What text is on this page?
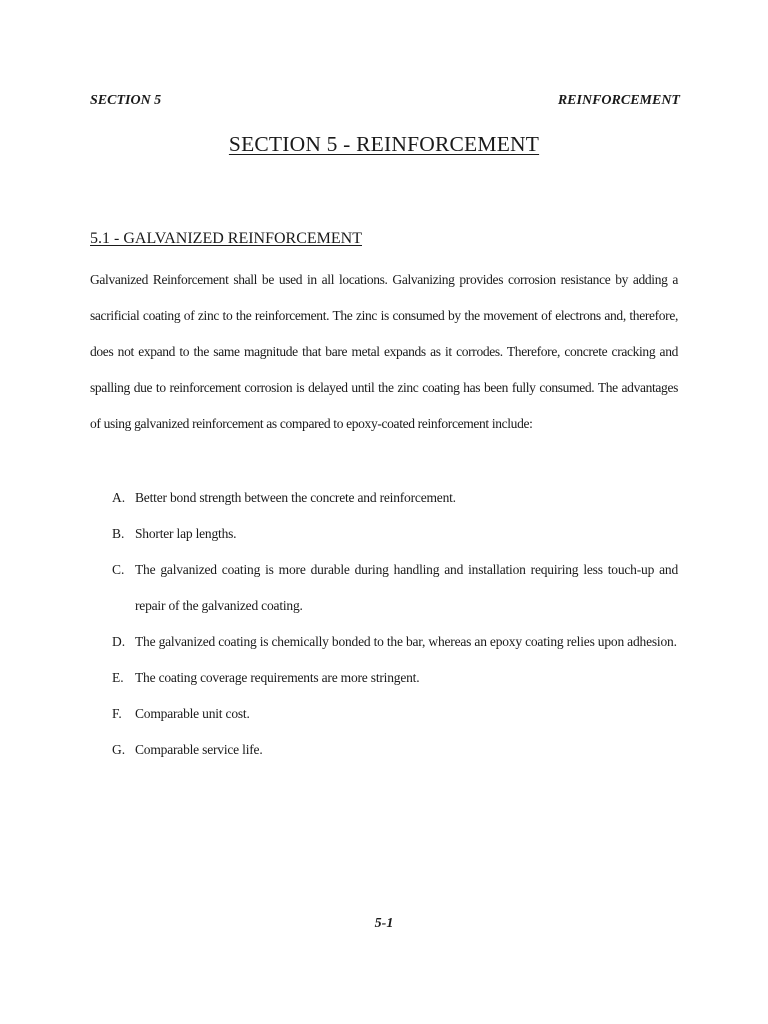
SECTION 5	REINFORCEMENT
SECTION 5 - REINFORCEMENT
5.1 - GALVANIZED REINFORCEMENT

Galvanized Reinforcement shall be used in all locations. Galvanizing provides corrosion resistance by adding a sacrificial coating of zinc to the reinforcement. The zinc is consumed by the movement of electrons and, therefore, does not expand to the same magnitude that bare metal expands as it corrodes. Therefore, concrete cracking and spalling due to reinforcement corrosion is delayed until the zinc coating has been fully consumed. The advantages of using galvanized reinforcement as compared to epoxy-coated reinforcement include:

A. Better bond strength between the concrete and reinforcement.
B. Shorter lap lengths.
C. The galvanized coating is more durable during handling and installation requiring less touch-up and repair of the galvanized coating.
D. The galvanized coating is chemically bonded to the bar, whereas an epoxy coating relies upon adhesion.
E. The coating coverage requirements are more stringent.
F. Comparable unit cost.
G. Comparable service life.
5-1
